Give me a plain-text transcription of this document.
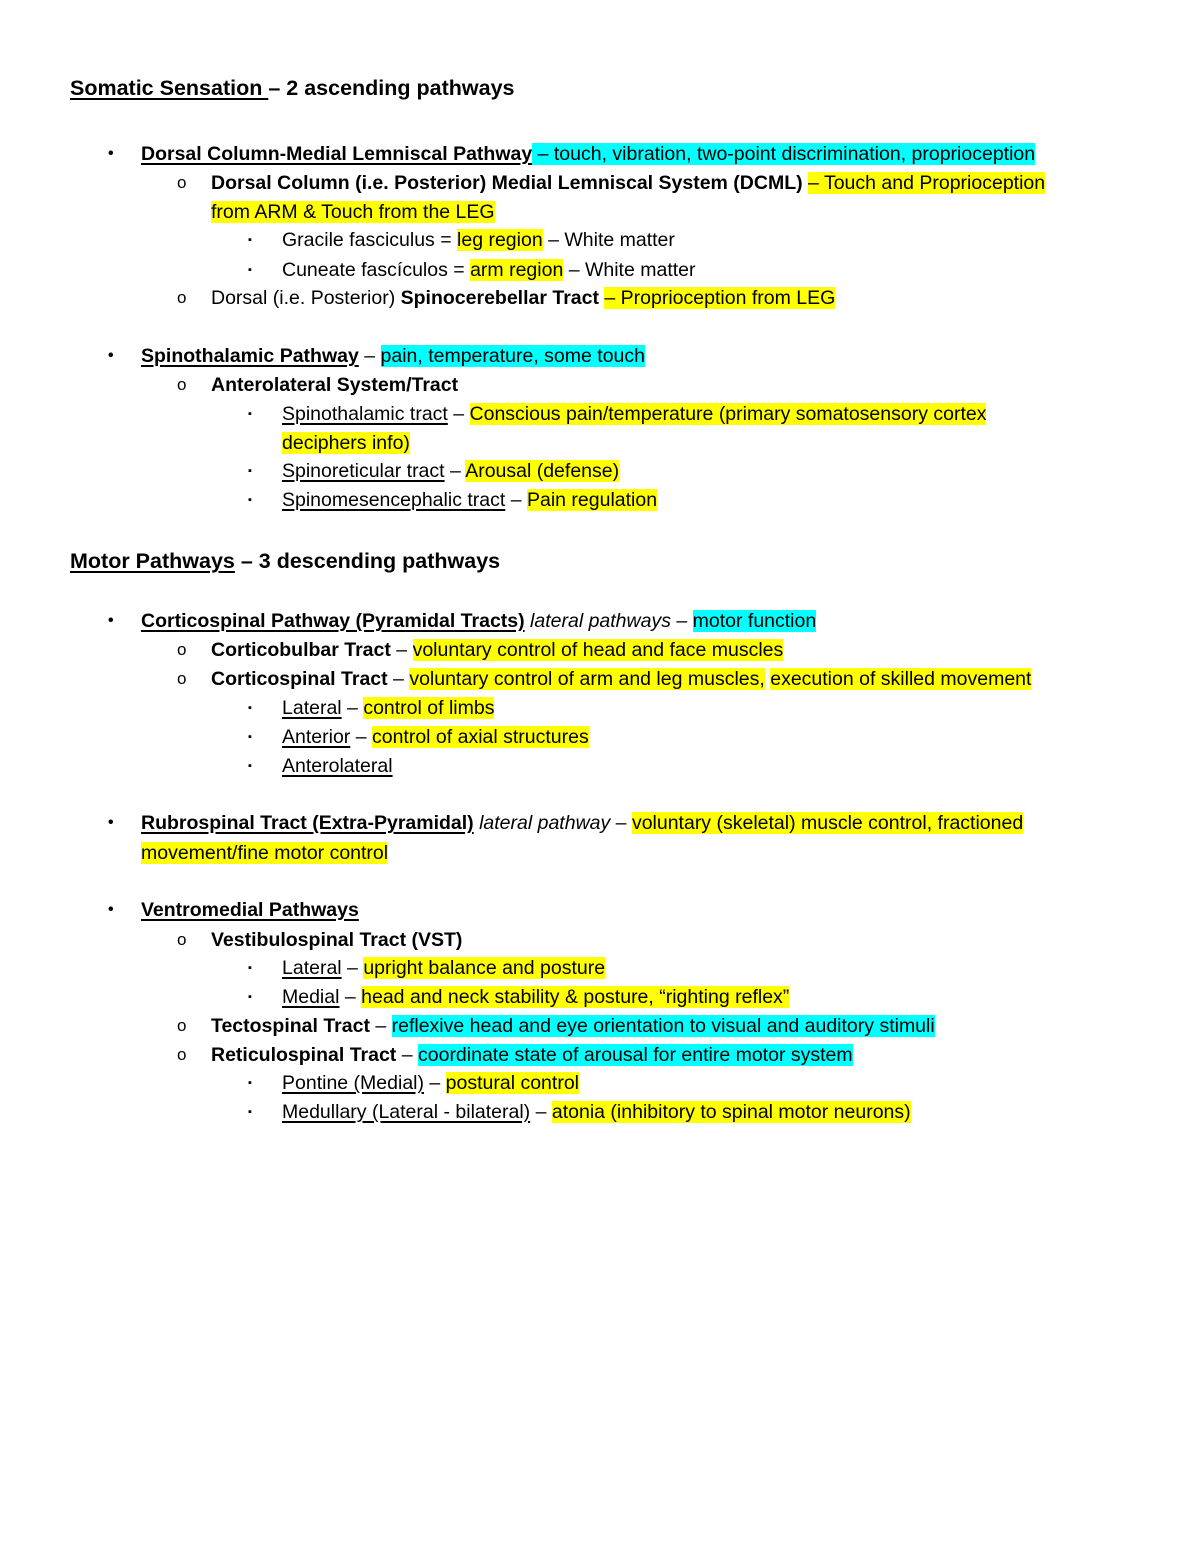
Somatic Sensation – 2 ascending pathways
• Dorsal Column-Medial Lemniscal Pathway – touch, vibration, two-point discrimination, proprioception
o Dorsal Column (i.e. Posterior) Medial Lemniscal System (DCML) – Touch and Proprioception
from ARM & Touch from the LEG
▪ Gracile fasciculus = leg region – White matter
▪ Cuneate fascículos = arm region – White matter
o Dorsal (i.e. Posterior) Spinocerebellar Tract – Proprioception from LEG
• Spinothalamic Pathway – pain, temperature, some touch
o Anterolateral System/Tract
▪ Spinothalamic tract – Conscious pain/temperature (primary somatosensory cortex
deciphers info)
▪ Spinoreticular tract – Arousal (defense)
▪ Spinomesencephalic tract – Pain regulation
Motor Pathways – 3 descending pathways
• Corticospinal Pathway (Pyramidal Tracts) lateral pathways – motor function
o Corticobulbar Tract – voluntary control of head and face muscles
o Corticospinal Tract – voluntary control of arm and leg muscles, execution of skilled movement
▪ Lateral – control of limbs
▪ Anterior – control of axial structures
▪ Anterolateral
• Rubrospinal Tract (Extra-Pyramidal) lateral pathway – voluntary (skeletal) muscle control, fractioned
movement/fine motor control
• Ventromedial Pathways
o Vestibulospinal Tract (VST)
▪ Lateral – upright balance and posture
▪ Medial – head and neck stability & posture, “righting reflex”
o Tectospinal Tract – reflexive head and eye orientation to visual and auditory stimuli
o Reticulospinal Tract – coordinate state of arousal for entire motor system
▪ Pontine (Medial) – postural control
▪ Medullary (Lateral - bilateral) – atonia (inhibitory to spinal motor neurons)
